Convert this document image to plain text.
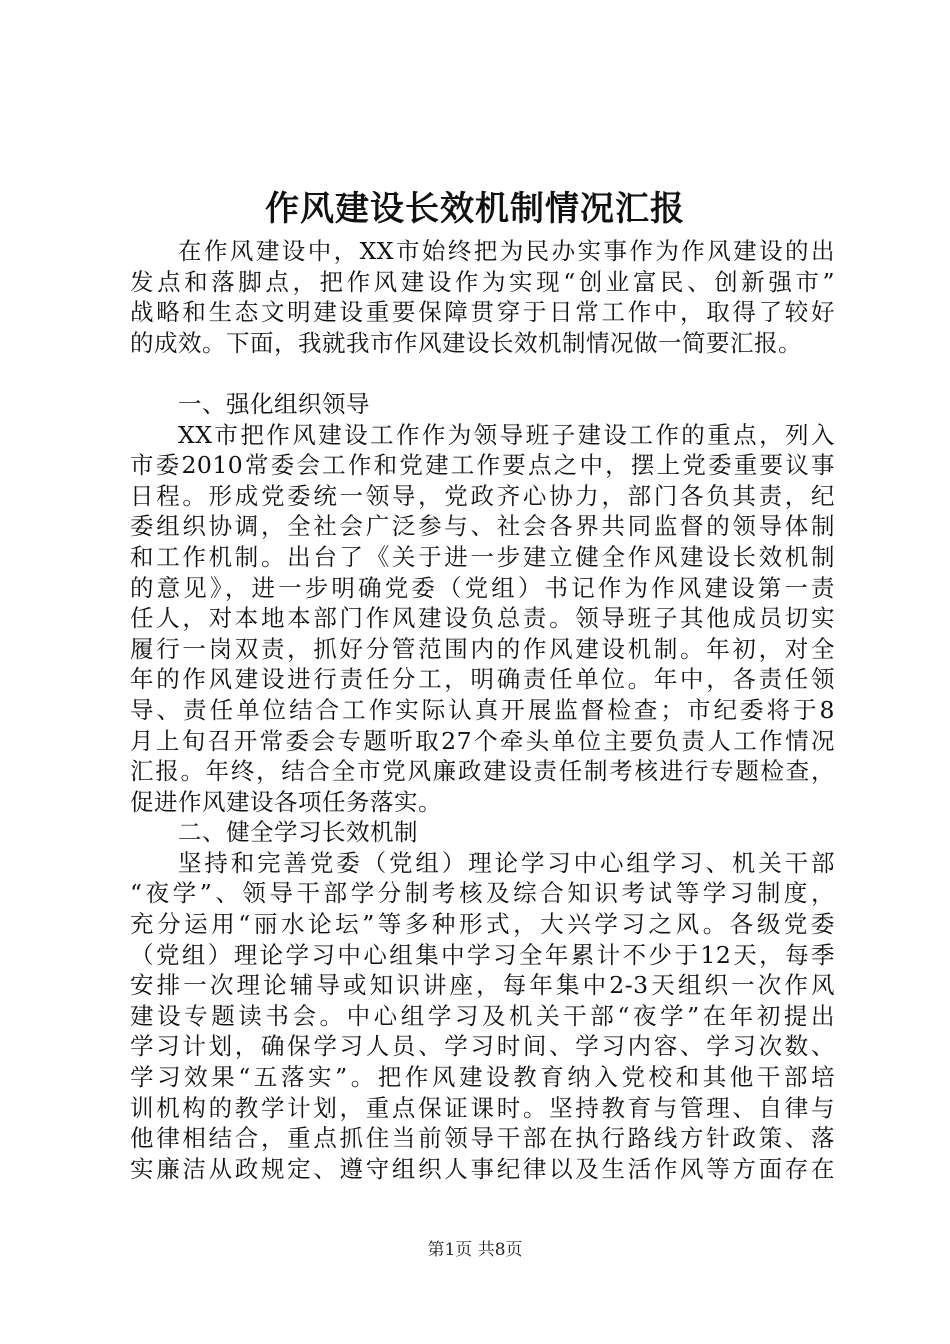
作风建设长效机制情况汇报
在作风建设中，XX市始终把为民办实事作为作风建设的出
发点和落脚点，把作风建设作为实现“创业富民、创新强市”
战略和生态文明建设重要保障贯穿于日常工作中，取得了较好
的成效。下面，我就我市作风建设长效机制情况做一简要汇报。
一、强化组织领导
XX市把作风建设工作作为领导班子建设工作的重点，列入
市委2010常委会工作和党建工作要点之中，摆上党委重要议事
日程。形成党委统一领导，党政齐心协力，部门各负其责，纪
委组织协调，全社会广泛参与、社会各界共同监督的领导体制
和工作机制。出台了《关于进一步建立健全作风建设长效机制
的意见》，进一步明确党委（党组）书记作为作风建设第一责
任人，对本地本部门作风建设负总责。领导班子其他成员切实
履行一岗双责，抓好分管范围内的作风建设机制。年初，对全
年的作风建设进行责任分工，明确责任单位。年中，各责任领
导、责任单位结合工作实际认真开展监督检查；市纪委将于8
月上旬召开常委会专题听取27个牵头单位主要负责人工作情况
汇报。年终，结合全市党风廉政建设责任制考核进行专题检查，
促进作风建设各项任务落实。
二、健全学习长效机制
坚持和完善党委（党组）理论学习中心组学习、机关干部
“夜学”、领导干部学分制考核及综合知识考试等学习制度，
充分运用“丽水论坛”等多种形式，大兴学习之风。各级党委
（党组）理论学习中心组集中学习全年累计不少于12天，每季
安排一次理论辅导或知识讲座，每年集中2-3天组织一次作风
建设专题读书会。中心组学习及机关干部“夜学”在年初提出
学习计划，确保学习人员、学习时间、学习内容、学习次数、
学习效果“五落实”。把作风建设教育纳入党校和其他干部培
训机构的教学计划，重点保证课时。坚持教育与管理、自律与
他律相结合，重点抓住当前领导干部在执行路线方针政策、落
实廉洁从政规定、遵守组织人事纪律以及生活作风等方面存在
第1页 共8页
